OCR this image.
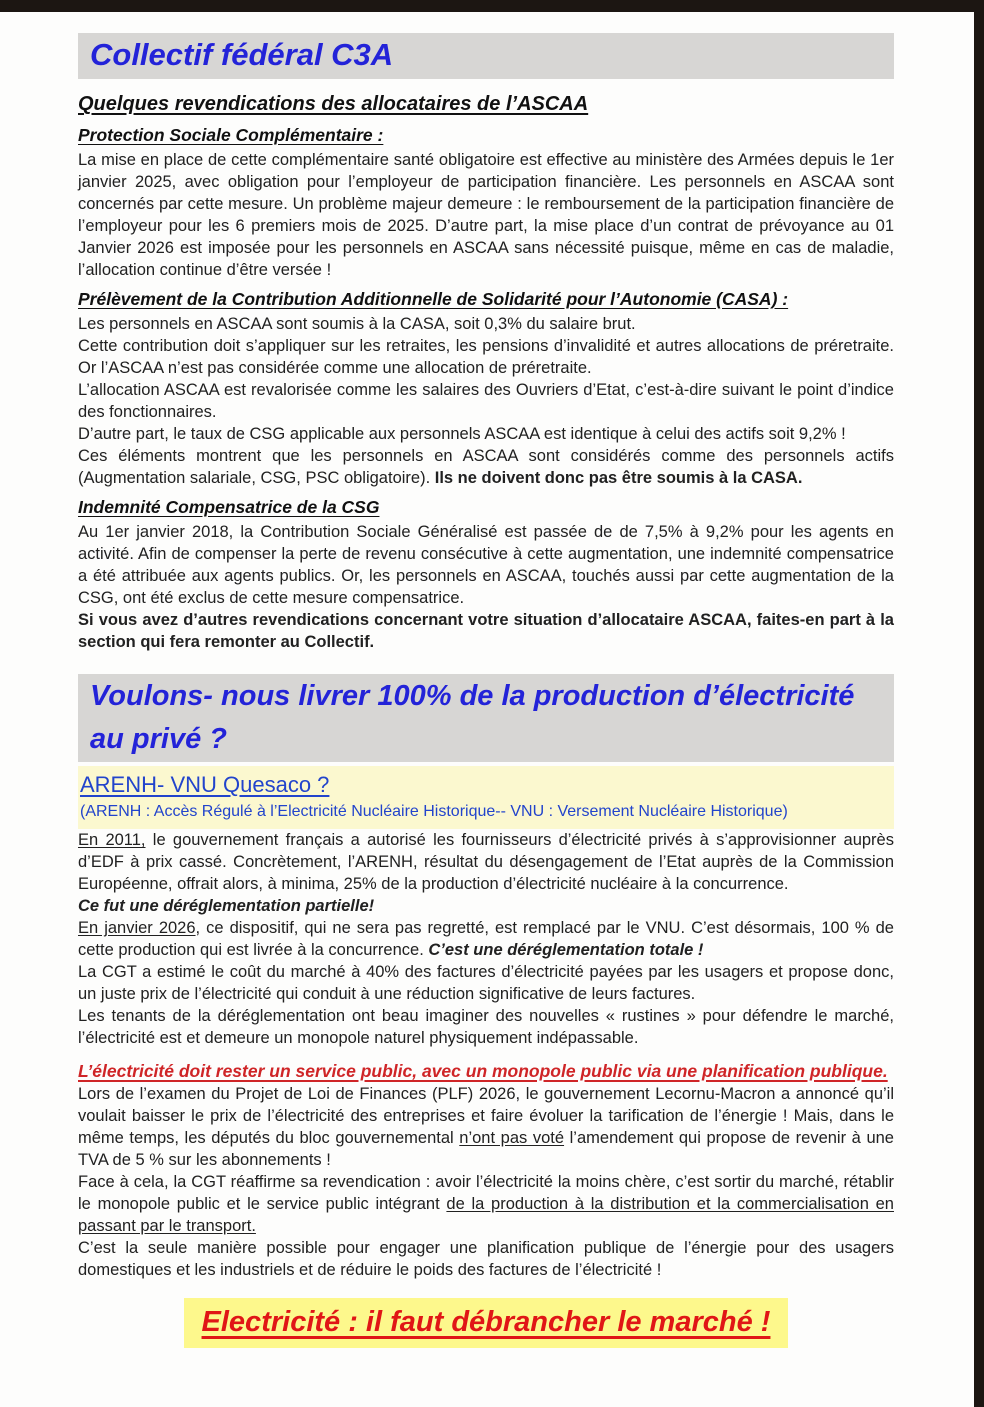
Collectif fédéral C3A
Quelques revendications des allocataires de l’ASCAA
Protection Sociale Complémentaire :

La mise en place de cette complémentaire santé obligatoire est effective au ministère des Armées depuis le 1er janvier 2025, avec obligation pour l’employeur de participation financière. Les personnels en ASCAA sont concernés par cette mesure. Un problème majeur demeure : le remboursement de la participation financière de l’employeur pour les 6 premiers mois de 2025. D’autre part, la mise place d’un contrat de prévoyance au 01 Janvier 2026 est imposée pour les personnels en ASCAA sans nécessité puisque, même en cas de maladie, l’allocation continue d’être versée !

Prélèvement de la Contribution Additionnelle de Solidarité pour l’Autonomie (CASA) :

Les personnels en ASCAA sont soumis à la CASA, soit 0,3% du salaire brut.

Cette contribution doit s’appliquer sur les retraites, les pensions d’invalidité et autres allocations de préretraite. Or l’ASCAA n’est pas considérée comme une allocation de préretraite.

L’allocation ASCAA est revalorisée comme les salaires des Ouvriers d’Etat, c’est-à-dire suivant le point d’indice des fonctionnaires.

D’autre part, le taux de CSG applicable aux personnels ASCAA est identique à celui des actifs soit 9,2% !

Ces éléments montrent que les personnels en ASCAA sont considérés comme des personnels actifs (Augmentation salariale, CSG, PSC obligatoire). Ils ne doivent donc pas être soumis à la CASA.

Indemnité Compensatrice de la CSG

Au 1er janvier 2018, la Contribution Sociale Généralisé est passée de de 7,5% à 9,2% pour les agents en activité. Afin de compenser la perte de revenu consécutive à cette augmentation, une indemnité compensatrice a été attribuée aux agents publics. Or, les personnels en ASCAA, touchés aussi par cette augmentation de la CSG, ont été exclus de cette mesure compensatrice.

Si vous avez d’autres revendications concernant votre situation d’allocataire ASCAA, faites-en part à la section qui fera remonter au Collectif.

Voulons- nous livrer 100% de la production d’électricité au privé ?
ARENH- VNU Quesaco ?
(ARENH : Accès Régulé à l’Electricité Nucléaire Historique-- VNU : Versement Nucléaire Historique)

En 2011, le gouvernement français a autorisé les fournisseurs d’électricité privés à s’approvisionner auprès d’EDF à prix cassé. Concrètement, l’ARENH, résultat du désengagement de l’Etat auprès de la Commission Européenne, offrait alors, à minima, 25% de la production d’électricité nucléaire à la concurrence.

Ce fut une déréglementation partielle!

En janvier 2026, ce dispositif, qui ne sera pas regretté, est remplacé par le VNU. C’est désormais, 100 % de cette production qui est livrée à la concurrence. C’est une déréglementation totale !

La CGT a estimé le coût du marché à 40% des factures d’électricité payées par les usagers et propose donc, un juste prix de l’électricité qui conduit à une réduction significative de leurs factures.

Les tenants de la déréglementation ont beau imaginer des nouvelles « rustines » pour défendre le marché, l’électricité est et demeure un monopole naturel physiquement indépassable.

L’électricité doit rester un service public, avec un monopole public via une planification publique.

Lors de l’examen du Projet de Loi de Finances (PLF) 2026, le gouvernement Lecornu-Macron a annoncé qu’il voulait baisser le prix de l’électricité des entreprises et faire évoluer la tarification de l’énergie ! Mais, dans le même temps, les députés du bloc gouvernemental n’ont pas voté l’amendement qui propose de revenir à une TVA de 5 % sur les abonnements !

Face à cela, la CGT réaffirme sa revendication : avoir l’électricité la moins chère, c’est sortir du marché, rétablir le monopole public et le service public intégrant de la production à la distribution et la commercialisation en passant par le transport.

C’est la seule manière possible pour engager une planification publique de l’énergie pour des usagers domestiques et les industriels et de réduire le poids des factures de l’électricité !

Electricité : il faut débrancher le marché !
